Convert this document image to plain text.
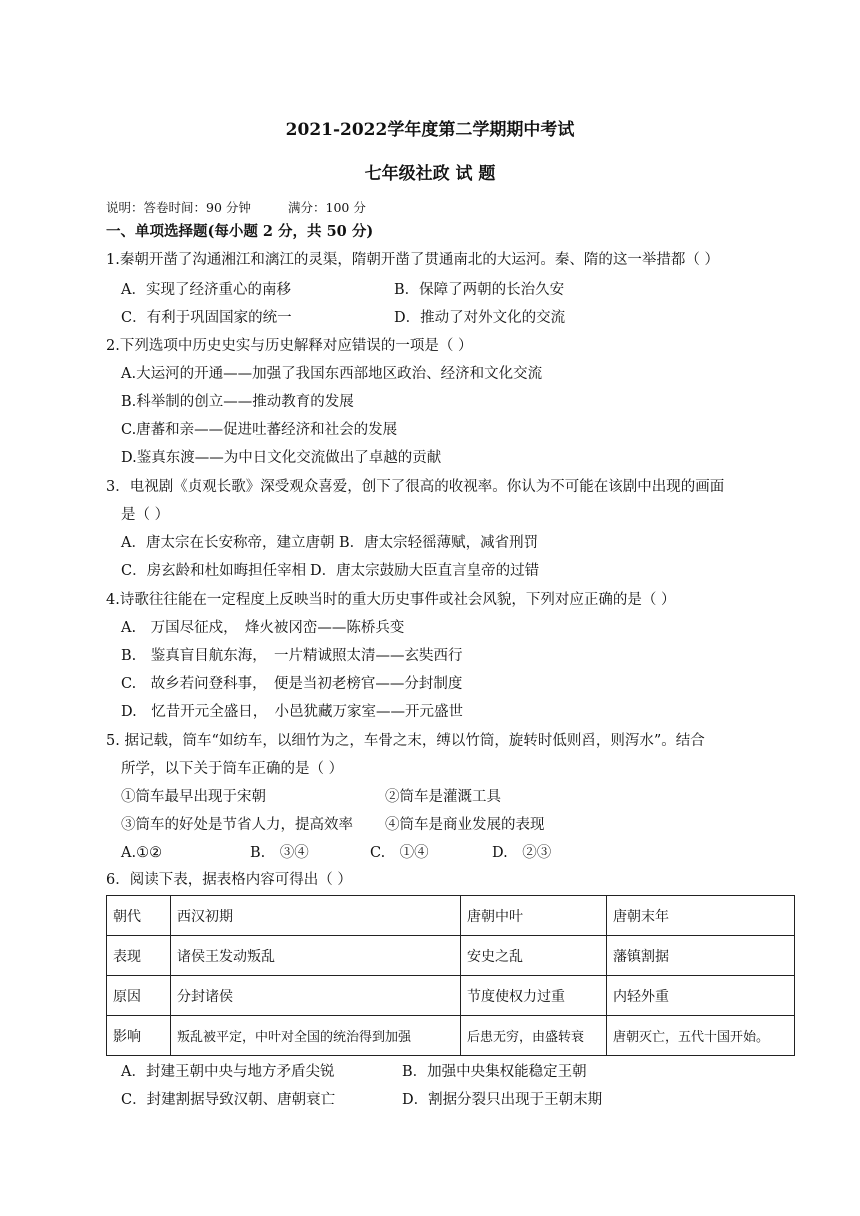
2021-2022学年度第二学期期中考试
七年级社政 试 题
说明：答卷时间：90 分钟	满分：100 分
一、单项选择题(每小题 2 分，共 50 分)
1.秦朝开凿了沟通湘江和漓江的灵渠，隋朝开凿了贯通南北的大运河。秦、隋的这一举措都（ ）
A．实现了经济重心的南移	B．保障了两朝的长治久安
C．有利于巩固国家的统一	D．推动了对外文化的交流
2.下列选项中历史史实与历史解释对应错误的一项是（ ）
A.大运河的开通——加强了我国东西部地区政治、经济和文化交流
B.科举制的创立——推动教育的发展
C.唐蕃和亲——促进吐蕃经济和社会的发展
D.鉴真东渡——为中日文化交流做出了卓越的贡献
3．电视剧《贞观长歌》深受观众喜爱，创下了很高的收视率。你认为不可能在该剧中出现的画面
是（ ）
A．唐太宗在长安称帝，建立唐朝 B．唐太宗轻徭薄赋，减省刑罚
C．房玄龄和杜如晦担任宰相 D．唐太宗鼓励大臣直言皇帝的过错
4.诗歌往往能在一定程度上反映当时的重大历史事件或社会风貌，下列对应正确的是（ ）
A.　万国尽征戍，　烽火被冈峦——陈桥兵变
B.　鉴真盲目航东海，　一片精诚照太清——玄奘西行
C.　故乡若问登科事，　便是当初老榜官——分封制度
D.　忆昔开元全盛日，　小邑犹藏万家室——开元盛世
5. 据记载，筒车“如纺车，以细竹为之，车骨之末，缚以竹筒，旋转时低则舀，则泻水”。结合
所学，以下关于筒车正确的是（ ）
①筒车最早出现于宋朝	②筒车是灌溉工具
③筒车的好处是节省人力，提高效率 ④筒车是商业发展的表现
A.①②	B.　③④	C.　①④	D.　②③
6．阅读下表，据表格内容可得出（ ）
朝代	西汉初期	唐朝中叶	唐朝末年
表现	诸侯王发动叛乱	安史之乱	藩镇割据
原因	分封诸侯	节度使权力过重	内轻外重
影响	叛乱被平定，中叶对全国的统治得到加强	后患无穷，由盛转衰	唐朝灭亡，五代十国开始。
A．封建王朝中央与地方矛盾尖锐	B．加强中央集权能稳定王朝
C．封建割据导致汉朝、唐朝衰亡	D．割据分裂只出现于王朝末期
